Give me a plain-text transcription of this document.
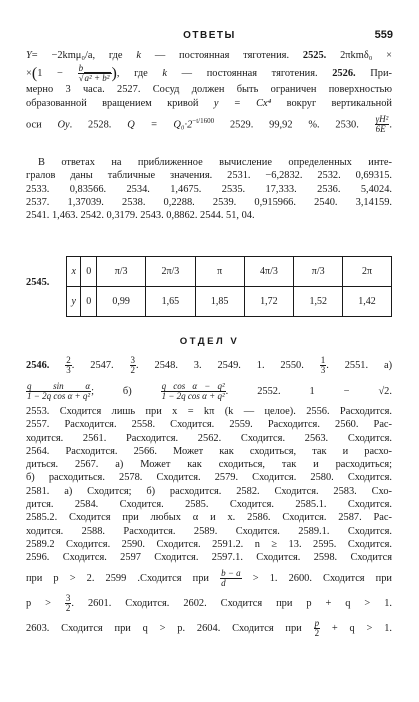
ОТВЕТЫ	559
Y= −2kmμ₀/a, где k — постоянная тяготения. 2525. 2πkmδ₀ ×
$\times(1 - \frac{b}{\text{√a² + b²}}$ ), где k — постоянная тяготения. 2526. При-
мерно 3 часа. 2527. Сосуд должен быть ограничен поверхностью
образованной вращением кривой y = Cx⁴ вокруг вертикальной
оси Oy. 2528. $Q = Q_0\cdot 2^{-t/1600}$ 2529. 99,92 %. 2530. $\frac{\text{γH²}}{6E}$ .
В ответах на приближенное вычисление определенных инте-
гралов даны табличные значения. 2531. −6,2832. 2532. 0,69315.
2533. 0,83566. 2534. 1,4675. 2535. 17,333. 2536. 5,4024.
2537. 1,37039. 2538. 0,2288. 2539. 0,915966. 2540. 3,14159.
2541. 1,463. 2542. 0,3179. 2543. 0,8862. 2544. 51, 04.
2545.
x	0	π/3	2π/3	π	4π/3	π/3	2π
y	0	0,99	1,65	1,85	1,72	1,52	1,42
ОТДЕЛ V
2546. $\frac{2}{3}$ . 2547. $\frac{3}{2}$ . 2548. 3. 2549. 1. 2550. $\frac{1}{3}$ . 2551. а)
$\frac{\text{q sin α}}{\text{1 − 2q cos α + q²}}$ ; $б) \frac{\text{q cos α − q²}}{\text{1 − 2q cos α + q²}}$ . 2552. 1 − √2.
2553. Сходится лишь при x = kπ (k — целое). 2556. Расходится.
2557. Расходится. 2558. Сходится. 2559. Расходится. 2560. Рас-
ходится. 2561. Расходится. 2562. Сходится. 2563. Сходится.
2564. Расходится. 2566. Может как сходиться, так и расхо-
диться. 2567. а) Может как сходиться, так и расходиться;
б) расходиться. 2578. Сходится. 2579. Сходится. 2580. Сходится.
2581. а) Сходится; б) расходится. 2582. Сходится. 2583. Схо-
дится. 2584. Сходится. 2585. Сходится. 2585.1. Сходится.
2585.2. Сходится при любых α и x. 2586. Сходится. 2587. Рас-
ходится. 2588. Расходится. 2589. Сходится. 2589.1. Сходится.
2589.2 Сходится. 2590. Сходится. 2591.2. n ≥ 13. 2595. Сходится.
2596. Сходится. 2597 Сходится. 2597.1. Сходится. 2598. Сходится
при p > 2. 2599 .Сходится при $\frac{b - a}{d} > 1$. 2600. Сходится при
$p > \frac{3}{2}$ . 2601. Сходится. 2602. Сходится при p + q > 1.
2603. Сходится при q > p. 2604. Сходится при $\frac{p}{2} + q > 1$.
